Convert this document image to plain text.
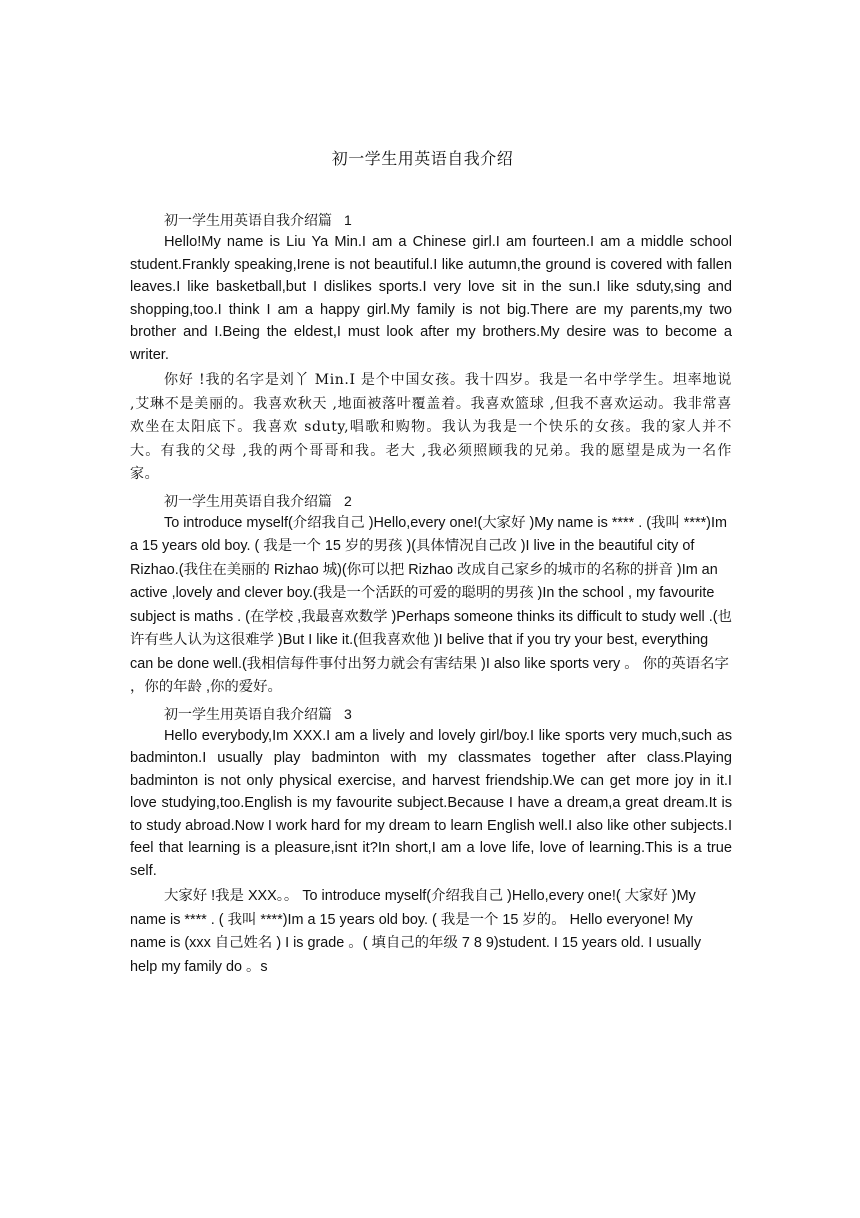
初一学生用英语自我介绍
初一学生用英语自我介绍篇 1

Hello!My name is Liu Ya Min.I am a Chinese girl.I am fourteen.I am a middle school student.Frankly speaking,Irene is not beautiful.I like autumn,the ground is covered with fallen leaves.I like basketball,but I dislikes sports.I very love sit in the sun.I like sduty,sing and shopping,too.I think I am a happy girl.My family is not big.There are my parents,my two brother and I.Being the eldest,I must look after my brothers.My desire was to become a writer.

你好 !我的名字是刘丫 Min.I 是个中国女孩。我十四岁。我是一名中学学生。坦率地说 ,艾琳不是美丽的。我喜欢秋天 ,地面被落叶覆盖着。我喜欢篮球 ,但我不喜欢运动。我非常喜欢坐在太阳底下。我喜欢 sduty,唱歌和购物。我认为我是一个快乐的女孩。我的家人并不大。有我的父母 ,我的两个哥哥和我。老大 ,我必须照顾我的兄弟。我的愿望是成为一名作家。

初一学生用英语自我介绍篇 2

To introduce myself(介绍我自己 )Hello,every one!(大家好 )My name is **** . (我叫 ****)Im a 15 years old boy. ( 我是一个 15 岁的男孩 )(具体情况自己改 )I live in the beautiful city of Rizhao.(我住在美丽的 Rizhao 城)(你可以把 Rizhao 改成自己家乡的城市的名称的拼音 )Im an active ,lovely and clever boy.(我是一个活跃的可爱的聪明的男孩 )In the school , my favourite subject is maths . (在学校 ,我最喜欢数学 )Perhaps someone thinks its difficult to study well .(也许有些人认为这很难学 )But I like it.(但我喜欢他 )I belive that if you try your best, everything can be done well.(我相信每件事付出努力就会有害结果 )I also like sports very 。 你的英语名字 ，你的年龄 ,你的爱好。

初一学生用英语自我介绍篇 3

Hello everybody,Im XXX.I am a lively and lovely girl/boy.I like sports very much,such as badminton.I usually play badminton with my classmates together after class.Playing badminton is not only physical exercise, and harvest friendship.We can get more joy in it.I love studying,too.English is my favourite subject.Because I have a dream,a great dream.It is to study abroad.Now I work hard for my dream to learn English well.I also like other subjects.I feel that learning is a pleasure,isnt it?In short,I am a love life, love of learning.This is a true self.

大家好 !我是 XXX。。 To introduce myself(介绍我自己 )Hello,every one!( 大家好 )My name is **** . ( 我叫 ****)Im a 15 years old boy. ( 我是一个 15 岁的。 Hello everyone! My name is (xxx 自己姓名 ) I is grade 。( 填自己的年级 7 8 9)student. I 15 years old. I usually help my family do 。s
